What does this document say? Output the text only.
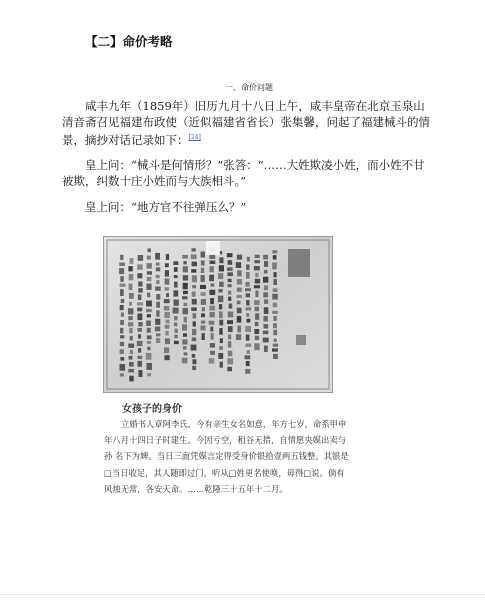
【二】命价考略
一、命价问题

咸丰九年（1859年）旧历九月十八日上午，咸丰皇帝在北京玉泉山清音斋召见福建布政使（近似福建省省长）张集馨，问起了福建械斗的情景，摘抄对话记录如下：[24]

皇上问：“械斗是何情形？”张答：“……大姓欺凌小姓，而小姓不甘被欺，纠数十庄小姓而与大族相斗。”

皇上问：“地方官不往弹压么？”

女孩子的身价

立婚书人章阿李氏，今有亲生女名如意，年方七岁，命系甲申年八月十四日子时建生。今因亏空，租谷无措，自情愿央媒出卖与孙 名下为婢。当日三面凭媒言定得受身价银拾壹两五钱整。其银是□当日收足，其人随即过门，听从□姓更名使唤，毋得□说。倘有风烛无常，各安天命。……乾隆三十五年十二月。
